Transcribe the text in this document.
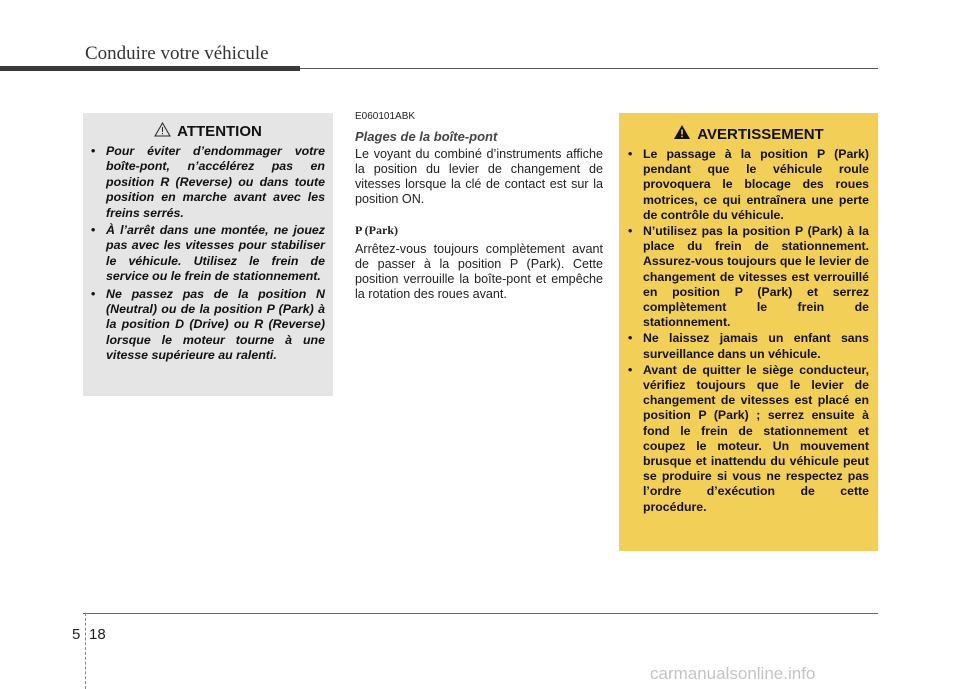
Conduire votre véhicule
ATTENTION
• Pour éviter d’endommager votre boîte-pont, n’accélérez pas en position R (Reverse) ou dans toute position en marche avant avec les freins serrés.
• À l’arrêt dans une montée, ne jouez pas avec les vitesses pour stabiliser le véhicule. Utilisez le frein de service ou le frein de stationnement.
• Ne passez pas de la position N (Neutral) ou de la position P (Park) à la position D (Drive) ou R (Reverse) lorsque le moteur tourne à une vitesse supérieure au ralenti.

E060101ABK

Plages de la boîte-pont

Le voyant du combiné d’instruments affiche la position du levier de changement de vitesses lorsque la clé de contact est sur la position ON.

P (Park)

Arrêtez-vous toujours complètement avant de passer à la position P (Park). Cette position verrouille la boîte-pont et empêche la rotation des roues avant.

AVERTISSEMENT
• Le passage à la position P (Park) pendant que le véhicule roule provoquera le blocage des roues motrices, ce qui entraînera une perte de contrôle du véhicule.
• N’utilisez pas la position P (Park) à la place du frein de stationnement. Assurez-vous toujours que le levier de changement de vitesses est verrouillé en position P (Park) et serrez complètement le frein de stationnement.
• Ne laissez jamais un enfant sans surveillance dans un véhicule.
• Avant de quitter le siège conducteur, vérifiez toujours que le levier de changement de vitesses est placé en position P (Park) ; serrez ensuite à fond le frein de stationnement et coupez le moteur. Un mouvement brusque et inattendu du véhicule peut se produire si vous ne respectez pas l’ordre d’exécution de cette procédure.
5 18
carmanualsonline.info
